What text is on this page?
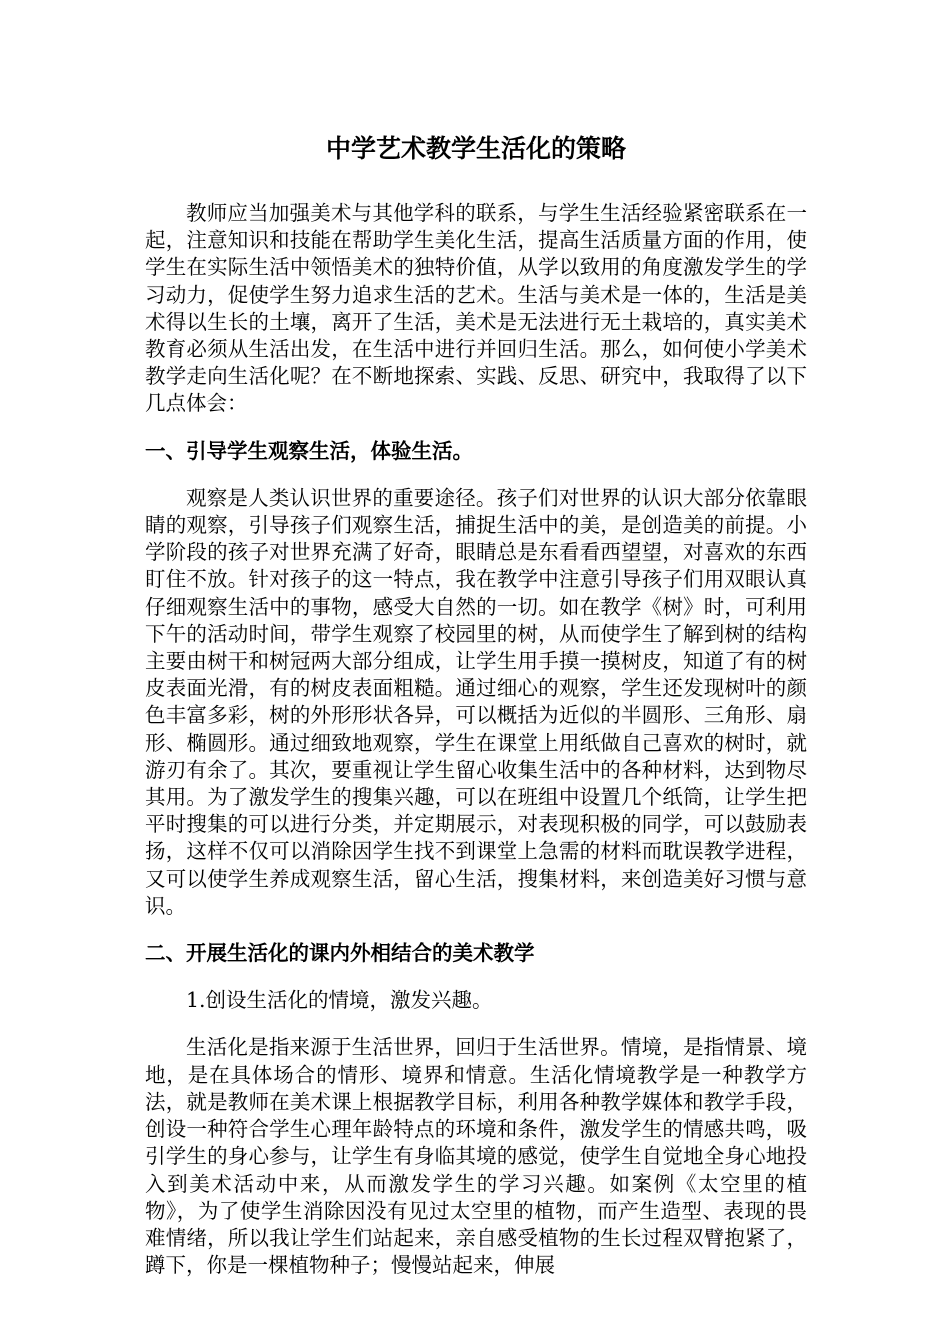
中学艺术教学生活化的策略

教师应当加强美术与其他学科的联系，与学生生活经验紧密联系在一起，注意知识和技能在帮助学生美化生活，提高生活质量方面的作用，使学生在实际生活中领悟美术的独特价值，从学以致用的角度激发学生的学习动力，促使学生努力追求生活的艺术。生活与美术是一体的，生活是美术得以生长的土壤，离开了生活，美术是无法进行无土栽培的，真实美术教育必须从生活出发，在生活中进行并回归生活。那么，如何使小学美术教学走向生活化呢？在不断地探索、实践、反思、研究中，我取得了以下几点体会：

一、引导学生观察生活，体验生活。

观察是人类认识世界的重要途径。孩子们对世界的认识大部分依靠眼睛的观察，引导孩子们观察生活，捕捉生活中的美，是创造美的前提。小学阶段的孩子对世界充满了好奇，眼睛总是东看看西望望，对喜欢的东西盯住不放。针对孩子的这一特点，我在教学中注意引导孩子们用双眼认真仔细观察生活中的事物，感受大自然的一切。如在教学《树》时，可利用下午的活动时间，带学生观察了校园里的树，从而使学生了解到树的结构主要由树干和树冠两大部分组成，让学生用手摸一摸树皮，知道了有的树皮表面光滑，有的树皮表面粗糙。通过细心的观察，学生还发现树叶的颜色丰富多彩，树的外形形状各异，可以概括为近似的半圆形、三角形、扇形、椭圆形。通过细致地观察，学生在课堂上用纸做自己喜欢的树时，就游刃有余了。其次，要重视让学生留心收集生活中的各种材料，达到物尽其用。为了激发学生的搜集兴趣，可以在班组中设置几个纸筒，让学生把平时搜集的可以进行分类，并定期展示，对表现积极的同学，可以鼓励表扬，这样不仅可以消除因学生找不到课堂上急需的材料而耽误教学进程，又可以使学生养成观察生活，留心生活，搜集材料，来创造美好习惯与意识。

二、开展生活化的课内外相结合的美术教学

1.创设生活化的情境，激发兴趣。

生活化是指来源于生活世界，回归于生活世界。情境，是指情景、境地，是在具体场合的情形、境界和情意。生活化情境教学是一种教学方法，就是教师在美术课上根据教学目标，利用各种教学媒体和教学手段，创设一种符合学生心理年龄特点的环境和条件，激发学生的情感共鸣，吸引学生的身心参与，让学生有身临其境的感觉，使学生自觉地全身心地投入到美术活动中来，从而激发学生的学习兴趣。如案例《太空里的植物》，为了使学生消除因没有见过太空里的植物，而产生造型、表现的畏难情绪，所以我让学生们站起来，亲自感受植物的生长过程双臂抱紧了，蹲下，你是一棵植物种子；慢慢站起来，伸展
